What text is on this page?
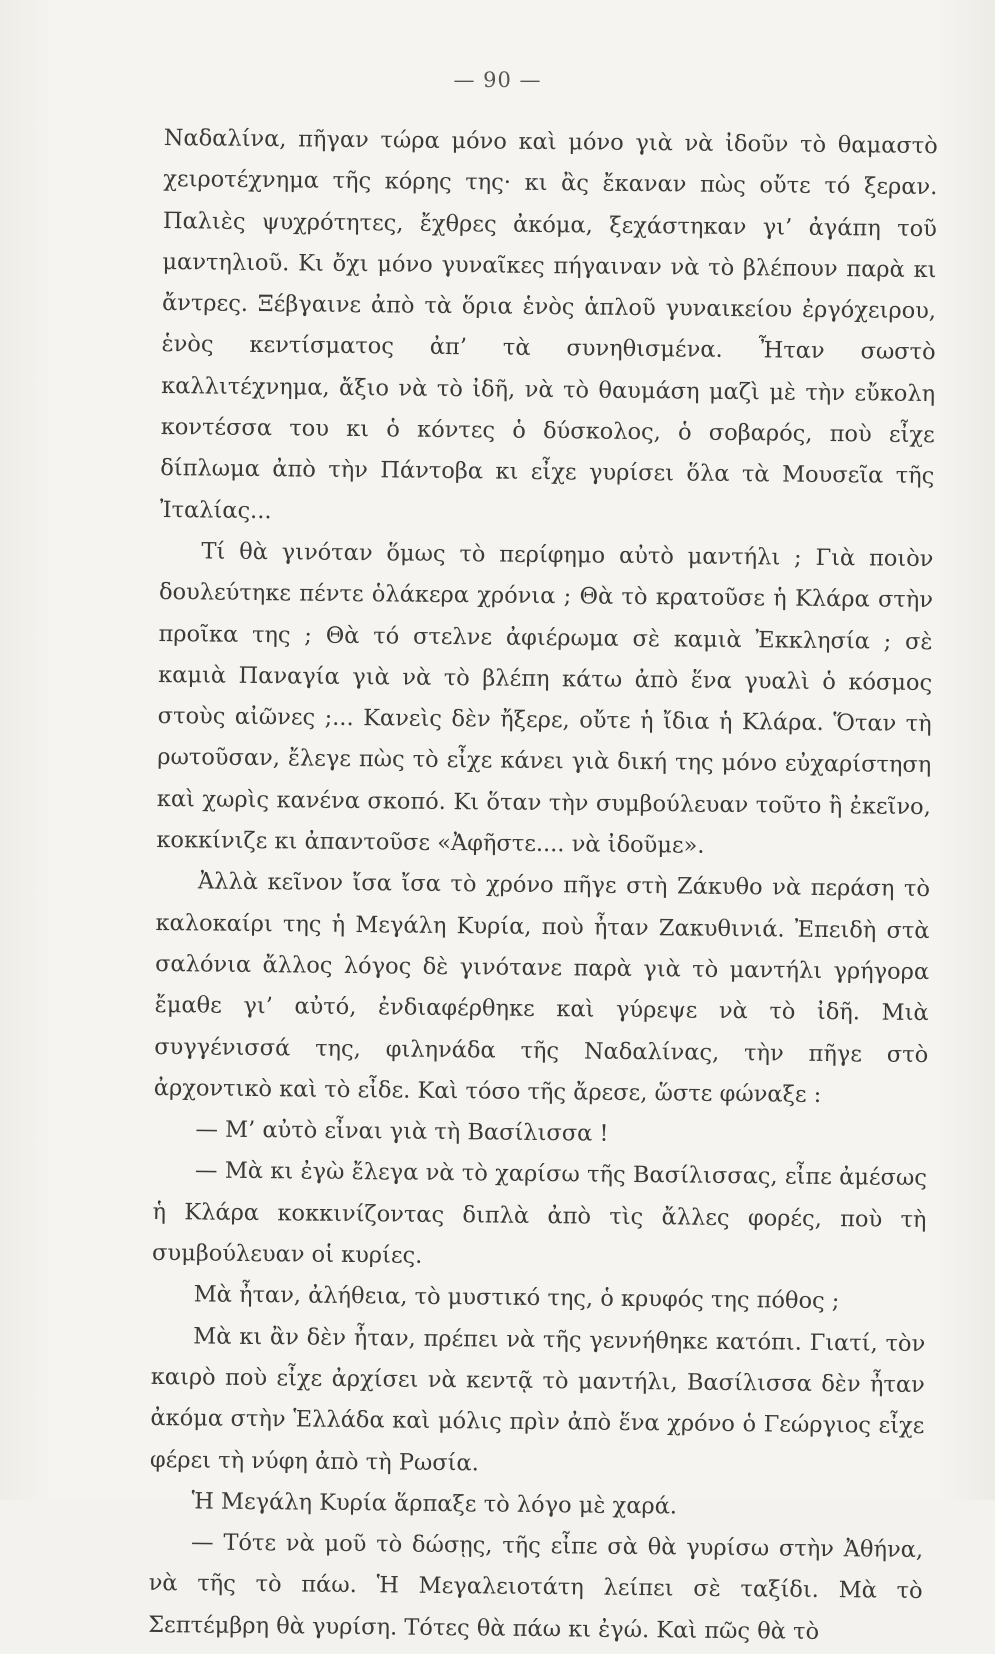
— 90 —

Ναδαλίνα, πῆγαν τώρα μόνο καὶ μόνο γιὰ νὰ ἰδοῦν τὸ θαμαστὸ χειροτέχνημα τῆς κόρης της· κι ἂς ἔκαναν πὼς οὔτε τό ξεραν. Παλιὲς ψυχρότητες, ἔχθρες ἀκόμα, ξεχάστηκαν γι’ ἀγάπη τοῦ μαντηλιοῦ. Κι ὄχι μόνο γυναῖκες πήγαιναν νὰ τὸ βλέπουν παρὰ κι ἄντρες. Ξέβγαινε ἀπὸ τὰ ὅρια ἑνὸς ἁπλοῦ γυναικείου ἐργόχειρου, ἑνὸς κεντίσματος ἀπ’ τὰ συνηθισμένα. Ἦταν σωστὸ καλλιτέχνημα, ἄξιο νὰ τὸ ἰδῆ, νὰ τὸ θαυμάση μαζὶ μὲ τὴν εὔκολη κοντέσσα του κι ὁ κόντες ὁ δύσκολος, ὁ σοβαρός, ποὺ εἶχε δίπλωμα ἀπὸ τὴν Πάντοβα κι εἶχε γυρίσει ὅλα τὰ Μουσεῖα τῆς Ἰταλίας...

Τί θὰ γινόταν ὅμως τὸ περίφημο αὐτὸ μαντήλι ; Γιὰ ποιὸν δουλεύτηκε πέντε ὁλάκερα χρόνια ; Θὰ τὸ κρατοῦσε ἡ Κλάρα στὴν προῖκα της ; Θὰ τό στελνε ἀφιέρωμα σὲ καμιὰ Ἐκκλησία ; σὲ καμιὰ Παναγία γιὰ νὰ τὸ βλέπη κάτω ἀπὸ ἕνα γυαλὶ ὁ κόσμος στοὺς αἰῶνες ;... Κανεὶς δὲν ἤξερε, οὔτε ἡ ἴδια ἡ Κλάρα. Ὅταν τὴ ρωτοῦσαν, ἔλεγε πὼς τὸ εἶχε κάνει γιὰ δική της μόνο εὐχαρίστηση καὶ χωρὶς κανένα σκοπό. Κι ὅταν τὴν συμβούλευαν τοῦτο ἢ ἐκεῖνο, κοκκίνιζε κι ἀπαντοῦσε «Ἀφῆστε.... νὰ ἰδοῦμε».

Ἀλλὰ κεῖνον ἴσα ἴσα τὸ χρόνο πῆγε στὴ Ζάκυθο νὰ περάση τὸ καλοκαίρι της ἡ Μεγάλη Κυρία, ποὺ ἦταν Ζακυθινιά. Ἐπειδὴ στὰ σαλόνια ἄλλος λόγος δὲ γινότανε παρὰ γιὰ τὸ μαντήλι γρήγορα ἔμαθε γι’ αὐτό, ἐνδιαφέρθηκε καὶ γύρεψε νὰ τὸ ἰδῆ. Μιὰ συγγένισσά της, φιληνάδα τῆς Ναδαλίνας, τὴν πῆγε στὸ ἀρχοντικὸ καὶ τὸ εἶδε. Καὶ τόσο τῆς ἄρεσε, ὥστε φώναξε :

— Μ’ αὐτὸ εἶναι γιὰ τὴ Βασίλισσα !

— Μὰ κι ἐγὼ ἔλεγα νὰ τὸ χαρίσω τῆς Βασίλισσας, εἶπε ἀμέσως ἡ Κλάρα κοκκινίζοντας διπλὰ ἀπὸ τὶς ἄλλες φορές, ποὺ τὴ συμβούλευαν οἱ κυρίες.

Μὰ ἦταν, ἀλήθεια, τὸ μυστικό της, ὁ κρυφός της πόθος ;

Μὰ κι ἂν δὲν ἦταν, πρέπει νὰ τῆς γεννήθηκε κατόπι. Γιατί, τὸν καιρὸ ποὺ εἶχε ἀρχίσει νὰ κεντᾷ τὸ μαντήλι, Βασίλισσα δὲν ἦταν ἀκόμα στὴν Ἑλλάδα καὶ μόλις πρὶν ἀπὸ ἕνα χρόνο ὁ Γεώργιος εἶχε φέρει τὴ νύφη ἀπὸ τὴ Ρωσία.

Ἡ Μεγάλη Κυρία ἅρπαξε τὸ λόγο μὲ χαρά.

— Τότε νὰ μοῦ τὸ δώσῃς, τῆς εἶπε σὰ θὰ γυρίσω στὴν Ἀθήνα, νὰ τῆς τὸ πάω. Ἡ Μεγαλειοτάτη λείπει σὲ ταξίδι. Μὰ τὸ Σεπτέμβρη θὰ γυρίση. Τότες θὰ πάω κι ἐγώ. Καὶ πῶς θὰ τὸ
